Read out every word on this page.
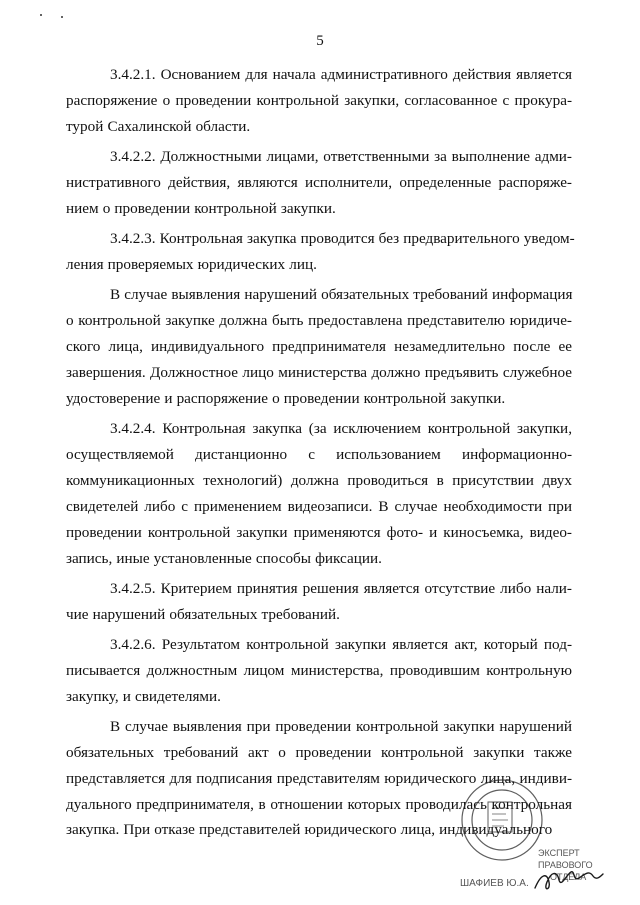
5
3.4.2.1. Основанием для начала административного действия является
распоряжение о проведении контрольной закупки, согласованное с прокура-
турой Сахалинской области.
3.4.2.2. Должностными лицами, ответственными за выполнение адми-
нистративного действия, являются исполнители, определенные распоряже-
нием о проведении контрольной закупки.
3.4.2.3. Контрольная закупка проводится без предварительного уведом-
ления проверяемых юридических лиц.
В случае выявления нарушений обязательных требований информация
о контрольной закупке должна быть предоставлена представителю юридиче-
ского лица, индивидуального предпринимателя незамедлительно после ее
завершения. Должностное лицо министерства должно предъявить служебное
удостоверение и распоряжение о проведении контрольной закупки.
3.4.2.4. Контрольная закупка (за исключением контрольной закупки,
осуществляемой дистанционно с использованием информационно-
коммуникационных технологий) должна проводиться в присутствии двух
свидетелей либо с применением видеозаписи. В случае необходимости при
проведении контрольной закупки применяются фото- и киносъемка, видео-
запись, иные установленные способы фиксации.
3.4.2.5. Критерием принятия решения является отсутствие либо нали-
чие нарушений обязательных требований.
3.4.2.6. Результатом контрольной закупки является акт, который под-
писывается должностным лицом министерства, проводившим контрольную
закупку, и свидетелями.
В случае выявления при проведении контрольной закупки нарушений
обязательных требований акт о проведении контрольной закупки также
представляется для подписания представителям юридического лица, индиви-
дуального предпринимателя, в отношении которых проводилась контрольная
закупка. При отказе представителей юридического лица, индивидуального
ЭКСПЕРТ
ПРАВОВОГО
ОТДЕЛА
ШАФИЕВ Ю.А.
